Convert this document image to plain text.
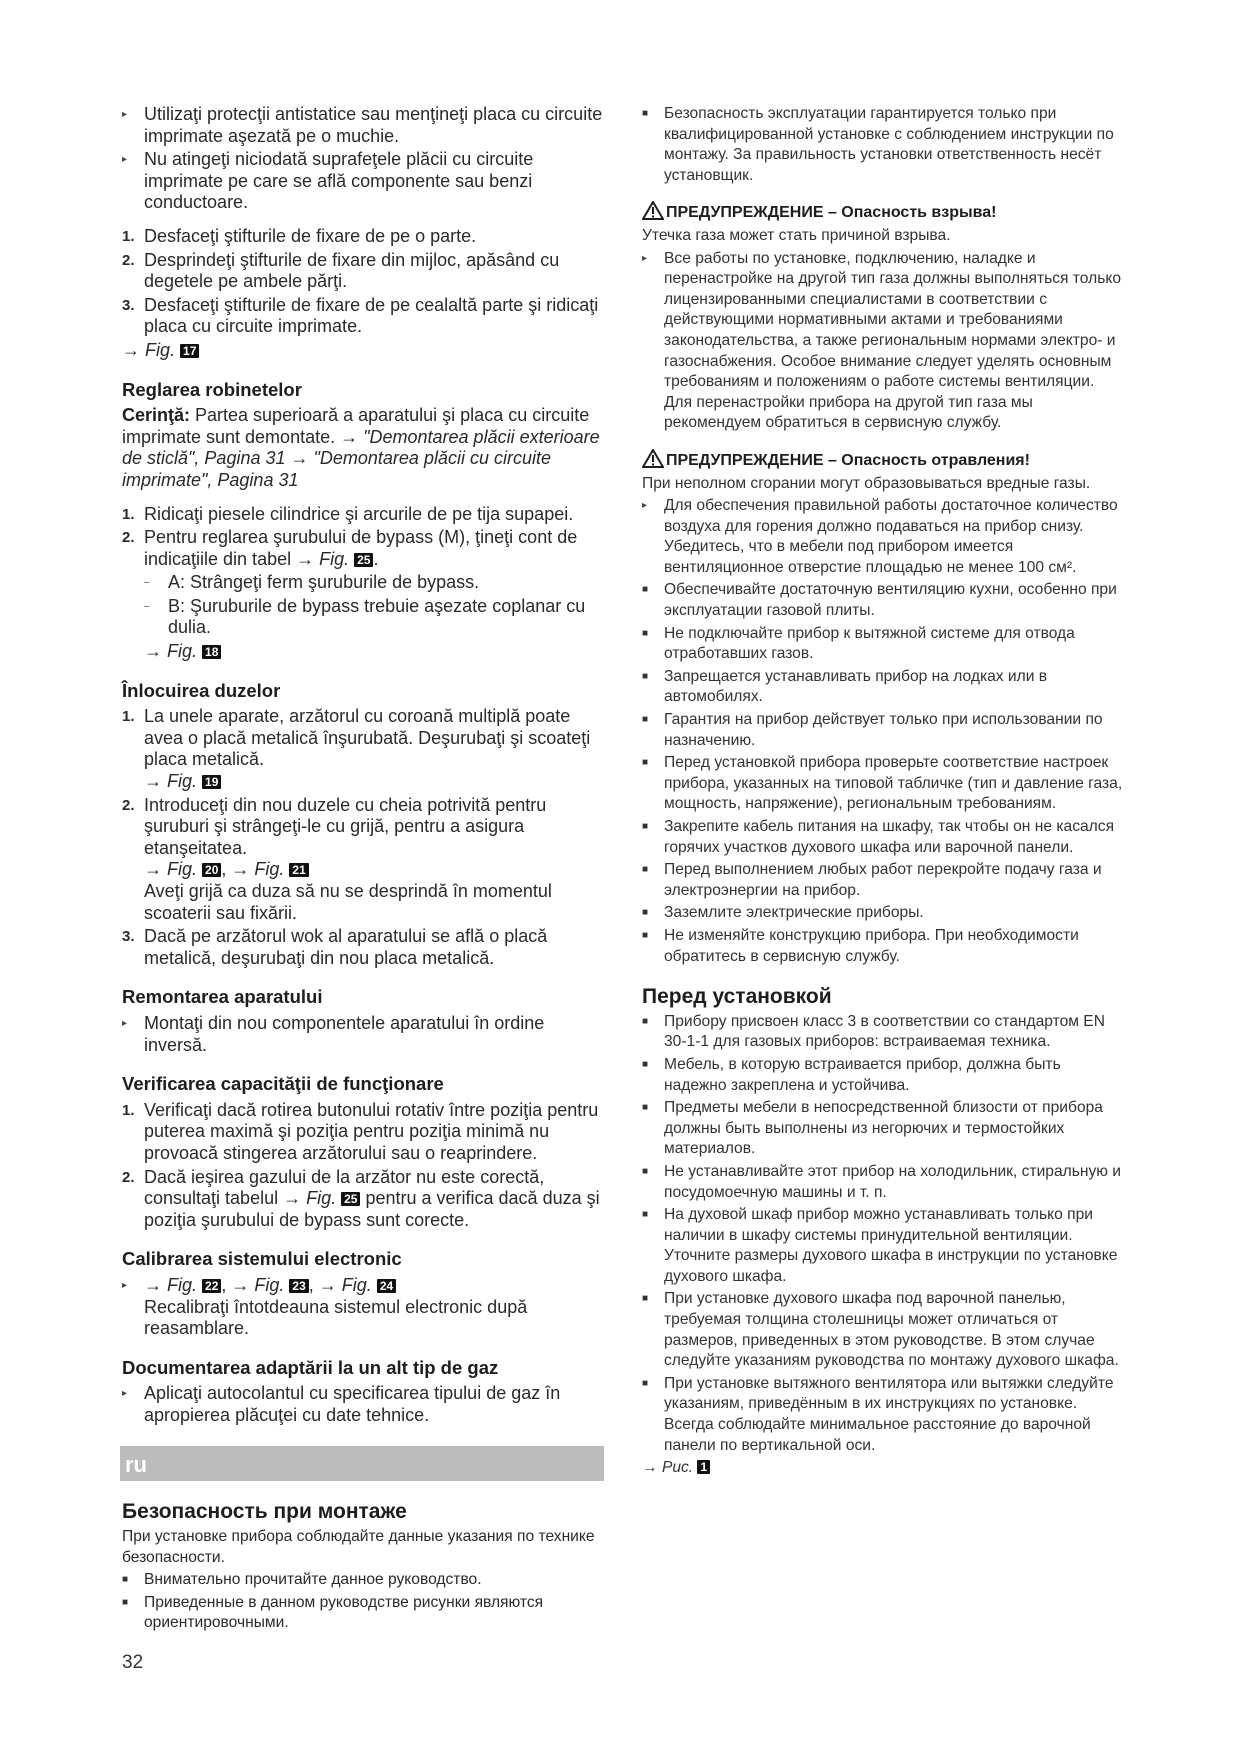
▸ Utilizaţi protecţii antistatice sau menţineţi placa cu circuite imprimate aşezată pe o muchie.
▸ Nu atingeţi niciodată suprafeţele plăcii cu circuite imprimate pe care se află componente sau benzi conductoare.
1. Desfaceţi ştifturile de fixare de pe o parte.
2. Desprindeţi ştifturile de fixare din mijloc, apăsând cu degetele pe ambele părţi.
3. Desfaceţi ştifturile de fixare de pe cealaltă parte şi ridicaţi placa cu circuite imprimate.
→ Fig. 17
Reglarea robinetelor
Cerinţă: Partea superioară a aparatului şi placa cu circuite imprimate sunt demontate. → "Demontarea plăcii exterioare de sticlă", Pagina 31 → "Demontarea plăcii cu circuite imprimate", Pagina 31
1. Ridicaţi piesele cilindrice şi arcurile de pe tija supapei.
2. Pentru reglarea şurubului de bypass (M), ţineţi cont de indicaţiile din tabel → Fig. 25 .
– A: Strângeţi ferm şuruburile de bypass.
– B: Şuruburile de bypass trebuie aşezate coplanar cu dulia.
→ Fig. 18
Înlocuirea duzelor
1. La unele aparate, arzătorul cu coroană multiplă poate avea o placă metalică înşurubată. Deşurubaţi şi scoateţi placa metalică.
→ Fig. 19
2. Introduceţi din nou duzele cu cheia potrivită pentru şuruburi şi strângeţi-le cu grijă, pentru a asigura etanşeitatea.
→ Fig. 20 , → Fig. 21
Aveţi grijă ca duza să nu se desprindă în momentul scoaterii sau fixării.
3. Dacă pe arzătorul wok al aparatului se află o placă metalică, deşurubaţi din nou placa metalică.
Remontarea aparatului
▸ Montaţi din nou componentele aparatului în ordine inversă.
Verificarea capacităţii de funcţionare
1. Verificaţi dacă rotirea butonului rotativ între poziţia pentru puterea maximă şi poziţia pentru poziţia minimă nu provoacă stingerea arzătorului sau o reaprindere.
2. Dacă ieşirea gazului de la arzător nu este corectă, consultaţi tabelul → Fig. 25 pentru a verifica dacă duza şi poziţia şurubului de bypass sunt corecte.
Calibrarea sistemului electronic
▸ → Fig. 22 , → Fig. 23 , → Fig. 24
Recalibraţi întotdeauna sistemul electronic după reasamblare.
Documentarea adaptării la un alt tip de gaz
▸ Aplicaţi autocolantul cu specificarea tipului de gaz în apropierea plăcuţei cu date tehnice.
ru
Безопасность при монтаже
При установке прибора соблюдайте данные указания по технике безопасности.
■ Внимательно прочитайте данное руководство.
■ Приведенные в данном руководстве рисунки являются ориентировочными.
■ Безопасность эксплуатации гарантируется только при квалифицированной установке с соблюдением инструкции по монтажу. За правильность установки ответственность несёт установщик.
ПРЕДУПРЕЖДЕНИЕ – Опасность взрыва!
Утечка газа может стать причиной взрыва.
▸ Все работы по установке, подключению, наладке и перенастройке на другой тип газа должны выполняться только лицензированными специалистами в соответствии с действующими нормативными актами и требованиями законодательства, а также региональным нормами электро- и газоснабжения. Особое внимание следует уделять основным требованиям и положениям о работе системы вентиляции. Для перенастройки прибора на другой тип газа мы рекомендуем обратиться в сервисную службу.
ПРЕДУПРЕЖДЕНИЕ – Опасность отравления!
При неполном сгорании могут образовываться вредные газы.
▸ Для обеспечения правильной работы достаточное количество воздуха для горения должно подаваться на прибор снизу. Убедитесь, что в мебели под прибором имеется вентиляционное отверстие площадью не менее 100 см².
■ Обеспечивайте достаточную вентиляцию кухни, особенно при эксплуатации газовой плиты.
■ Не подключайте прибор к вытяжной системе для отвода отработавших газов.
■ Запрещается устанавливать прибор на лодках или в автомобилях.
■ Гарантия на прибор действует только при использовании по назначению.
■ Перед установкой прибора проверьте соответствие настроек прибора, указанных на типовой табличке (тип и давление газа, мощность, напряжение), региональным требованиям.
■ Закрепите кабель питания на шкафу, так чтобы он не касался горячих участков духового шкафа или варочной панели.
■ Перед выполнением любых работ перекройте подачу газа и электроэнергии на прибор.
■ Заземлите электрические приборы.
■ Не изменяйте конструкцию прибора. При необходимости обратитесь в сервисную службу.
Перед установкой
■ Прибору присвоен класс 3 в соответствии со стандартом EN 30-1-1 для газовых приборов: встраиваемая техника.
■ Мебель, в которую встраивается прибор, должна быть надежно закреплена и устойчива.
■ Предметы мебели в непосредственной близости от прибора должны быть выполнены из негорючих и термостойких материалов.
■ Не устанавливайте этот прибор на холодильник, стиральную и посудомоечную машины и т. п.
■ На духовой шкаф прибор можно устанавливать только при наличии в шкафу системы принудительной вентиляции. Уточните размеры духового шкафа в инструкции по установке духового шкафа.
■ При установке духового шкафа под варочной панелью, требуемая толщина столешницы может отличаться от размеров, приведенных в этом руководстве. В этом случае следуйте указаниям руководства по монтажу духового шкафа.
■ При установке вытяжного вентилятора или вытяжки следуйте указаниям, приведённым в их инструкциях по установке. Всегда соблюдайте минимальное расстояние до варочной панели по вертикальной оси.
→ Рис. 1
32
